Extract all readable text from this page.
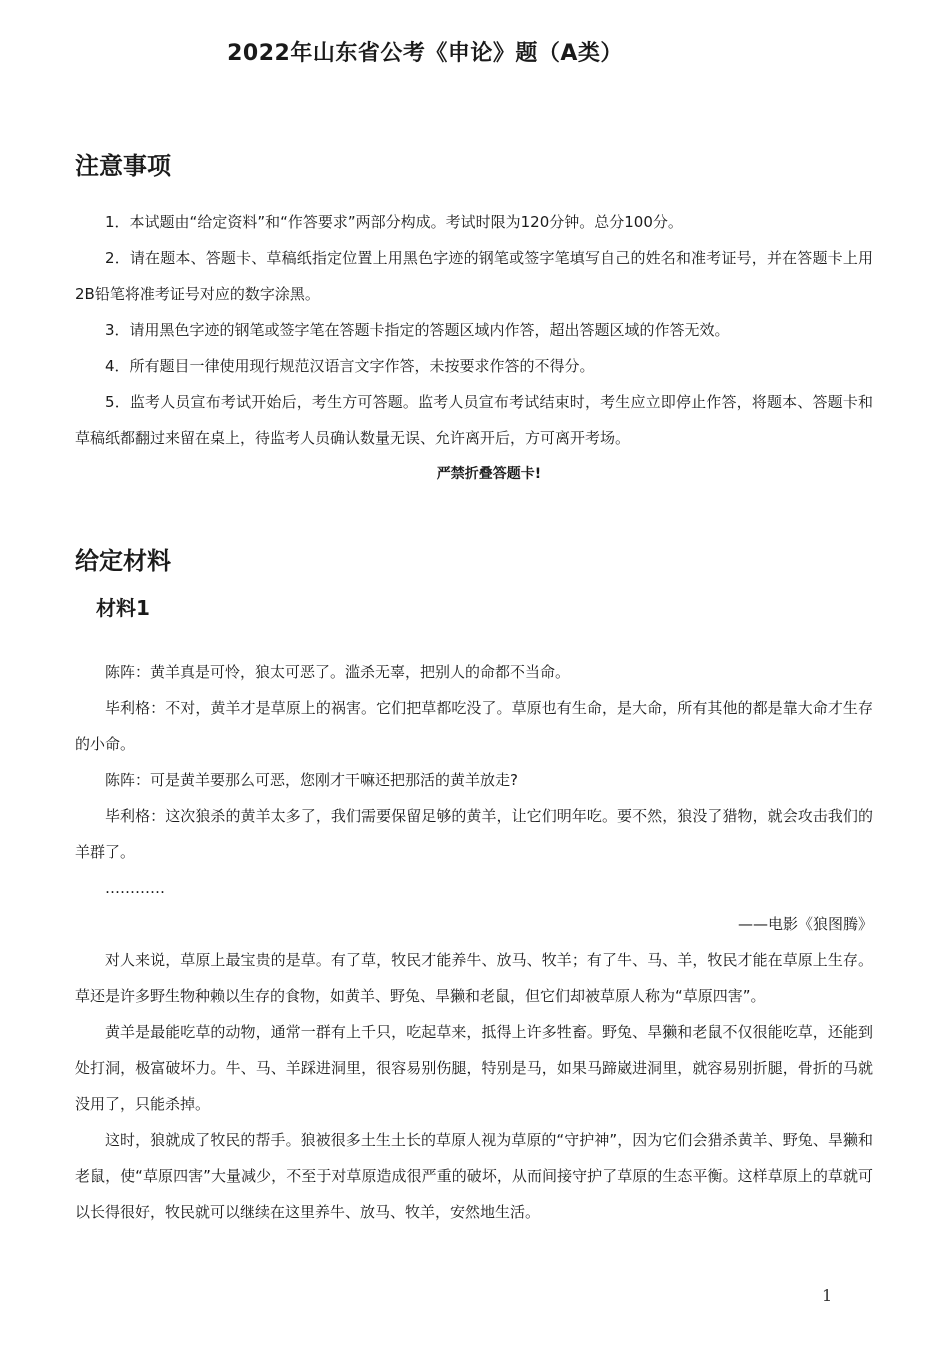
2022年山东省公考《申论》题（A类）
注意事项

1．本试题由“给定资料”和“作答要求”两部分构成。考试时限为120分钟。总分100分。

2．请在题本、答题卡、草稿纸指定位置上用黑色字迹的钢笔或签字笔填写自己的姓名和准考证号，并在答题卡上用2B铅笔将准考证号对应的数字涂黑。

3．请用黑色字迹的钢笔或签字笔在答题卡指定的答题区域内作答，超出答题区域的作答无效。

4．所有题目一律使用现行规范汉语言文字作答，未按要求作答的不得分。

5．监考人员宣布考试开始后，考生方可答题。监考人员宣布考试结束时，考生应立即停止作答，将题本、答题卡和草稿纸都翻过来留在桌上，待监考人员确认数量无误、允许离开后，方可离开考场。

严禁折叠答题卡!

给定材料
材料1

陈阵：黄羊真是可怜，狼太可恶了。滥杀无辜，把别人的命都不当命。

毕利格：不对，黄羊才是草原上的祸害。它们把草都吃没了。草原也有生命，是大命，所有其他的都是靠大命才生存的小命。

陈阵：可是黄羊要那么可恶，您刚才干嘛还把那活的黄羊放走?

毕利格：这次狼杀的黄羊太多了，我们需要保留足够的黄羊，让它们明年吃。要不然，狼没了猎物，就会攻击我们的羊群了。

…………

——电影《狼图腾》

对人来说，草原上最宝贵的是草。有了草，牧民才能养牛、放马、牧羊；有了牛、马、羊，牧民才能在草原上生存。草还是许多野生物种赖以生存的食物，如黄羊、野兔、旱獭和老鼠，但它们却被草原人称为“草原四害”。

黄羊是最能吃草的动物，通常一群有上千只，吃起草来，抵得上许多牲畜。野兔、旱獭和老鼠不仅很能吃草，还能到处打洞，极富破坏力。牛、马、羊踩进洞里，很容易别伤腿，特别是马，如果马蹄崴进洞里，就容易别折腿，骨折的马就没用了，只能杀掉。

这时，狼就成了牧民的帮手。狼被很多土生土长的草原人视为草原的“守护神”，因为它们会猎杀黄羊、野兔、旱獭和老鼠，使“草原四害”大量减少，不至于对草原造成很严重的破坏，从而间接守护了草原的生态平衡。这样草原上的草就可以长得很好，牧民就可以继续在这里养牛、放马、牧羊，安然地生活。

1
